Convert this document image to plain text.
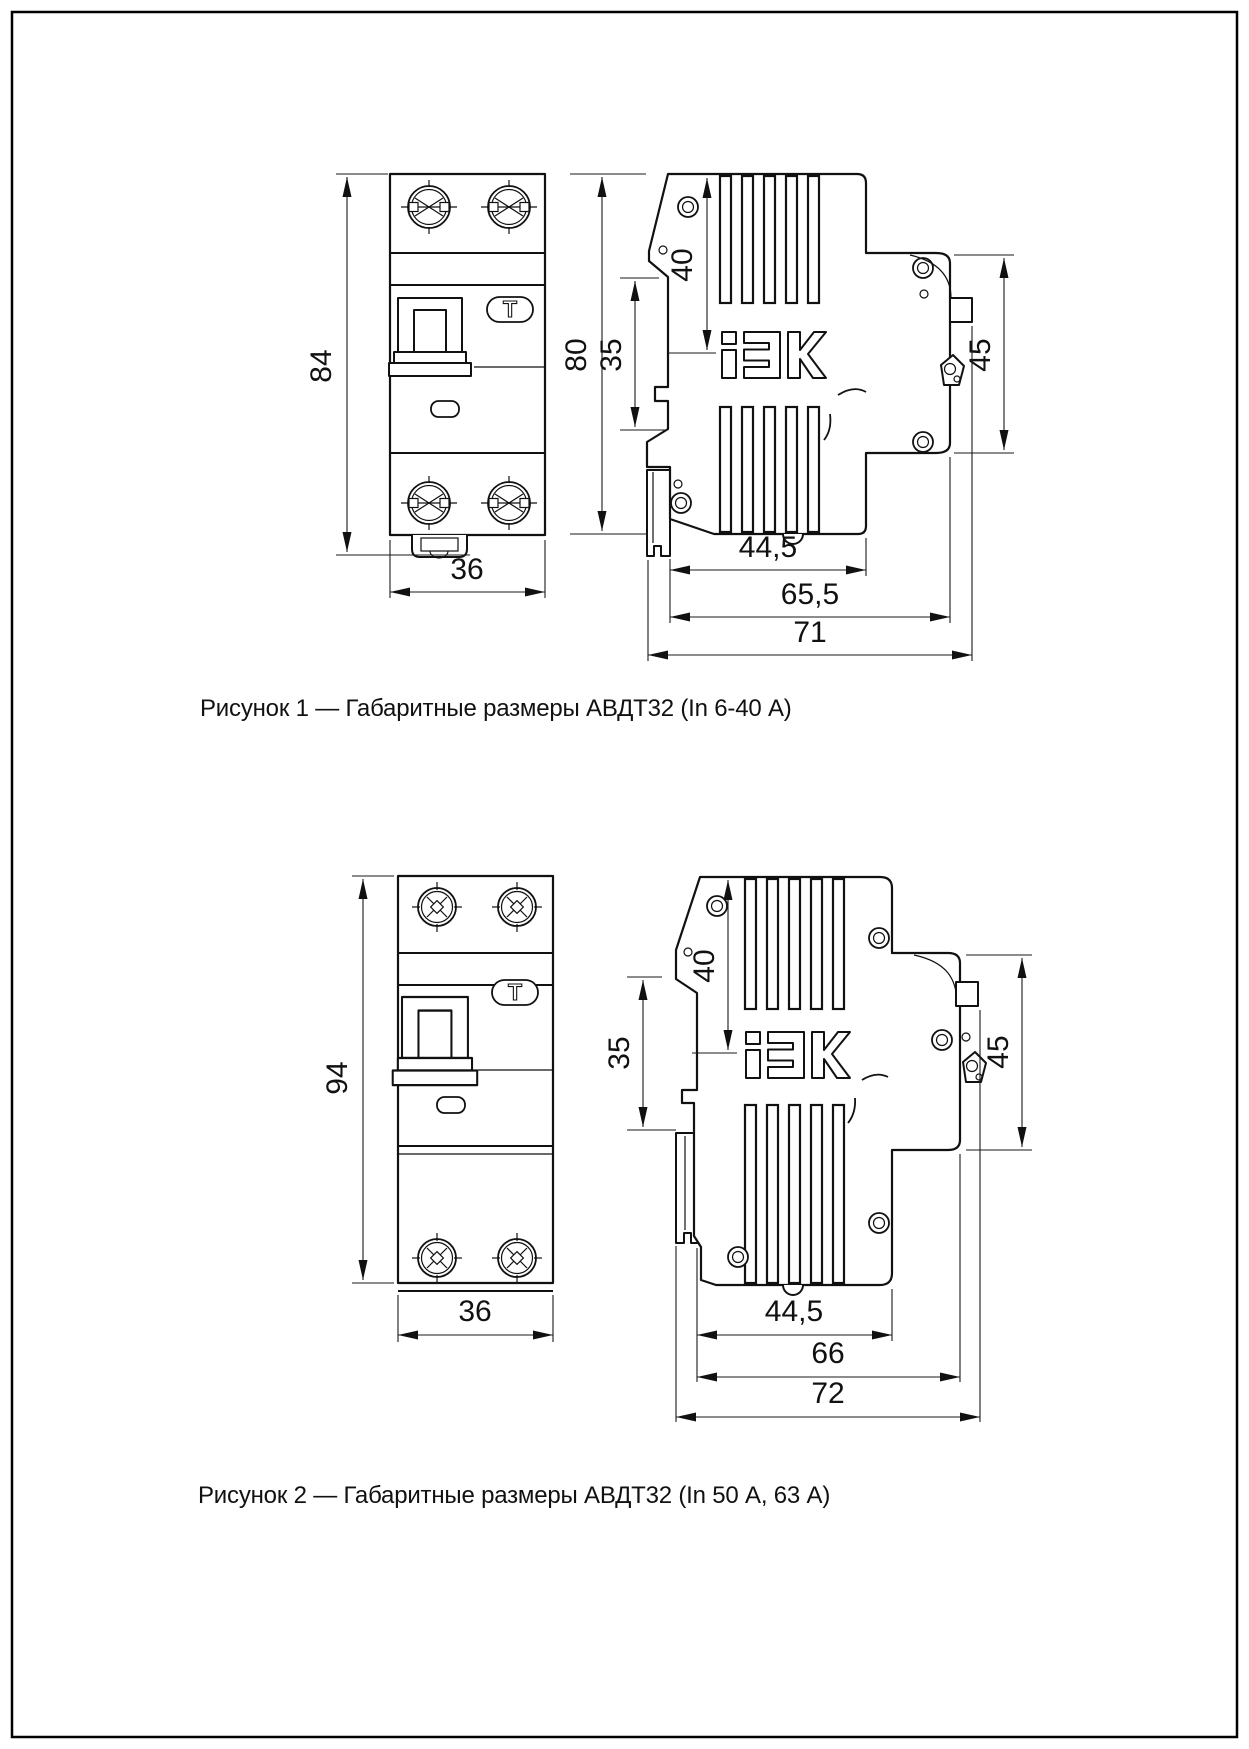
Т
84
36
80 35
40
45
44,5
65,5
71
Рисунок 1 — Габаритные размеры АВДТ32 (In 6-40 А)
Т
94
36
35
40
45
44,5
66
72
Рисунок 2 — Габаритные размеры АВДТ32 (In 50 А, 63 А)
